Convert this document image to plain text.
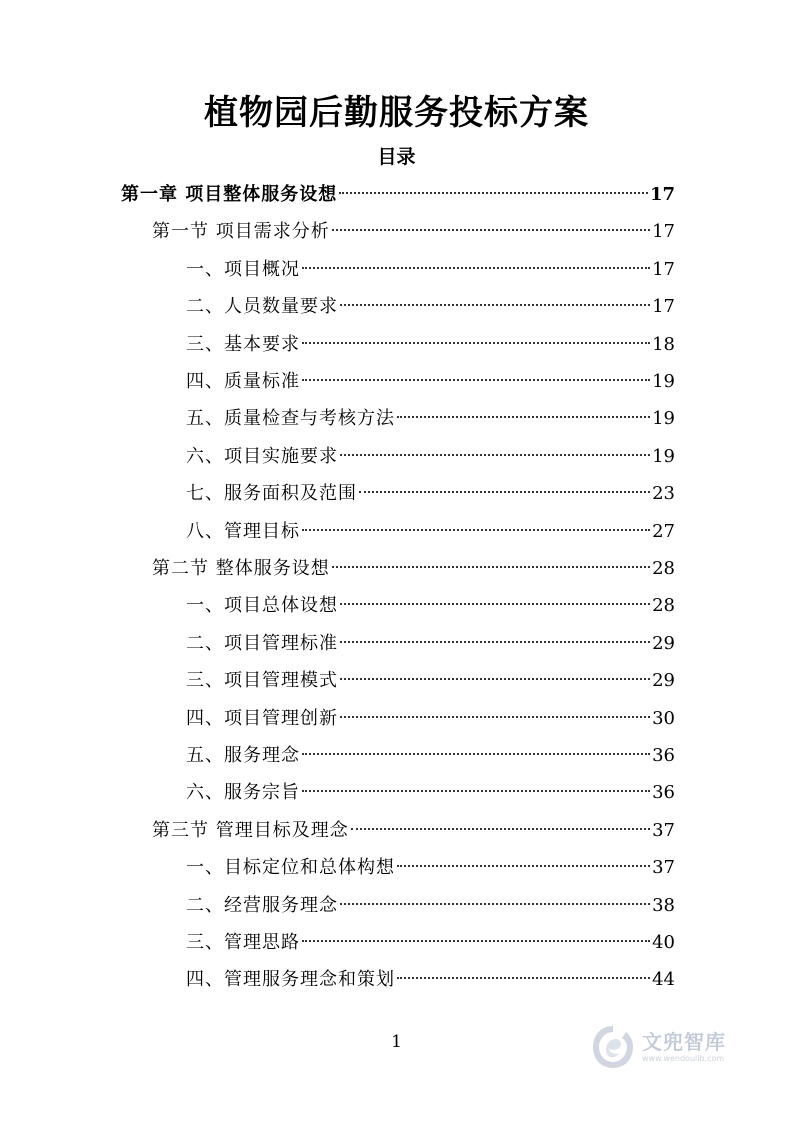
植物园后勤服务投标方案
目录
第一章 项目整体服务设想	17
第一节 项目需求分析	17
一、项目概况	17
二、人员数量要求	17
三、基本要求	18
四、质量标准	19
五、质量检查与考核方法	19
六、项目实施要求	19
七、服务面积及范围	23
八、管理目标	27
第二节 整体服务设想	28
一、项目总体设想	28
二、项目管理标准	29
三、项目管理模式	29
四、项目管理创新	30
五、服务理念	36
六、服务宗旨	36
第三节 管理目标及理念	37
一、目标定位和总体构想	37
二、经营服务理念	38
三、管理思路	40
四、管理服务理念和策划	44
1	文兜智库
www.wendoulib.com
